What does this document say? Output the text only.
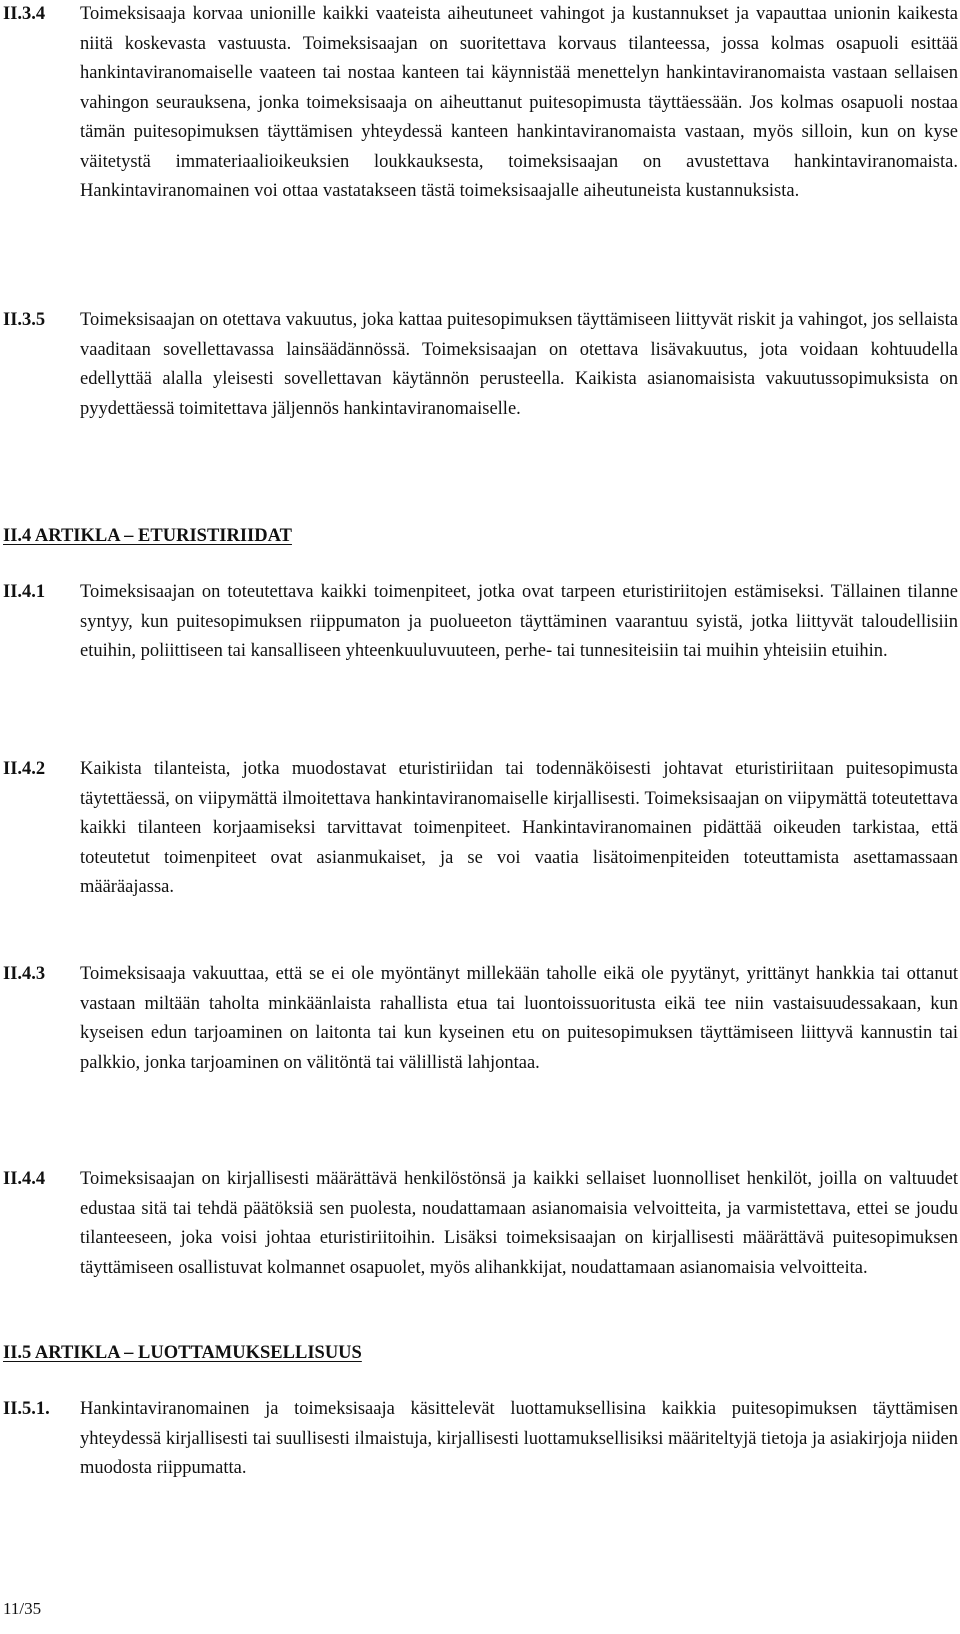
II.3.4 Toimeksisaaja korvaa unionille kaikki vaateista aiheutuneet vahingot ja kustannukset ja vapauttaa unionin kaikesta niitä koskevasta vastuusta. Toimeksisaajan on suoritettava korvaus tilanteessa, jossa kolmas osapuoli esittää hankintaviranomaiselle vaateen tai nostaa kanteen tai käynnistää menettelyn hankintaviranomaista vastaan sellaisen vahingon seurauksena, jonka toimeksisaaja on aiheuttanut puitesopimusta täyttäessään. Jos kolmas osapuoli nostaa tämän puitesopimuksen täyttämisen yhteydessä kanteen hankintaviranomaista vastaan, myös silloin, kun on kyse väitetystä immateriaalioikeuksien loukkauksesta, toimeksisaajan on avustettava hankintaviranomaista. Hankintaviranomainen voi ottaa vastatakseen tästä toimeksisaajalle aiheutuneista kustannuksista.
II.3.5 Toimeksisaajan on otettava vakuutus, joka kattaa puitesopimuksen täyttämiseen liittyvät riskit ja vahingot, jos sellaista vaaditaan sovellettavassa lainsäädännössä. Toimeksisaajan on otettava lisävakuutus, jota voidaan kohtuudella edellyttää alalla yleisesti sovellettavan käytännön perusteella. Kaikista asianomaisista vakuutussopimuksista on pyydettäessä toimitettava jäljennös hankintaviranomaiselle.
II.4 ARTIKLA – ETURISTIRIIDAT
II.4.1 Toimeksisaajan on toteutettava kaikki toimenpiteet, jotka ovat tarpeen eturistiriitojen estämiseksi. Tällainen tilanne syntyy, kun puitesopimuksen riippumaton ja puolueeton täyttäminen vaarantuu syistä, jotka liittyvät taloudellisiin etuihin, poliittiseen tai kansalliseen yhteenkuuluvuuteen, perhe- tai tunnesiteisiin tai muihin yhteisiin etuihin.
II.4.2 Kaikista tilanteista, jotka muodostavat eturistiriidan tai todennäköisesti johtavat eturistiriitaan puitesopimusta täytettäessä, on viipymättä ilmoitettava hankintaviranomaiselle kirjallisesti. Toimeksisaajan on viipymättä toteutettava kaikki tilanteen korjaamiseksi tarvittavat toimenpiteet. Hankintaviranomainen pidättää oikeuden tarkistaa, että toteutetut toimenpiteet ovat asianmukaiset, ja se voi vaatia lisätoimenpiteiden toteuttamista asettamassaan määräajassa.
II.4.3 Toimeksisaaja vakuuttaa, että se ei ole myöntänyt millekään taholle eikä ole pyytänyt, yrittänyt hankkia tai ottanut vastaan miltään taholta minkäänlaista rahallista etua tai luontoissuoritusta eikä tee niin vastaisuudessakaan, kun kyseisen edun tarjoaminen on laitonta tai kun kyseinen etu on puitesopimuksen täyttämiseen liittyvä kannustin tai palkkio, jonka tarjoaminen on välitöntä tai välillistä lahjontaa.
II.4.4 Toimeksisaajan on kirjallisesti määrättävä henkilöstönsä ja kaikki sellaiset luonnolliset henkilöt, joilla on valtuudet edustaa sitä tai tehdä päätöksiä sen puolesta, noudattamaan asianomaisia velvoitteita, ja varmistettava, ettei se joudu tilanteeseen, joka voisi johtaa eturistiriitoihin. Lisäksi toimeksisaajan on kirjallisesti määrättävä puitesopimuksen täyttämiseen osallistuvat kolmannet osapuolet, myös alihankkijat, noudattamaan asianomaisia velvoitteita.
II.5 ARTIKLA – LUOTTAMUKSELLISUUS
II.5.1. Hankintaviranomainen ja toimeksisaaja käsittelevät luottamuksellisina kaikkia puitesopimuksen täyttämisen yhteydessä kirjallisesti tai suullisesti ilmaistuja, kirjallisesti luottamuksellisiksi määriteltyjä tietoja ja asiakirjoja niiden muodosta riippumatta.
11/35
